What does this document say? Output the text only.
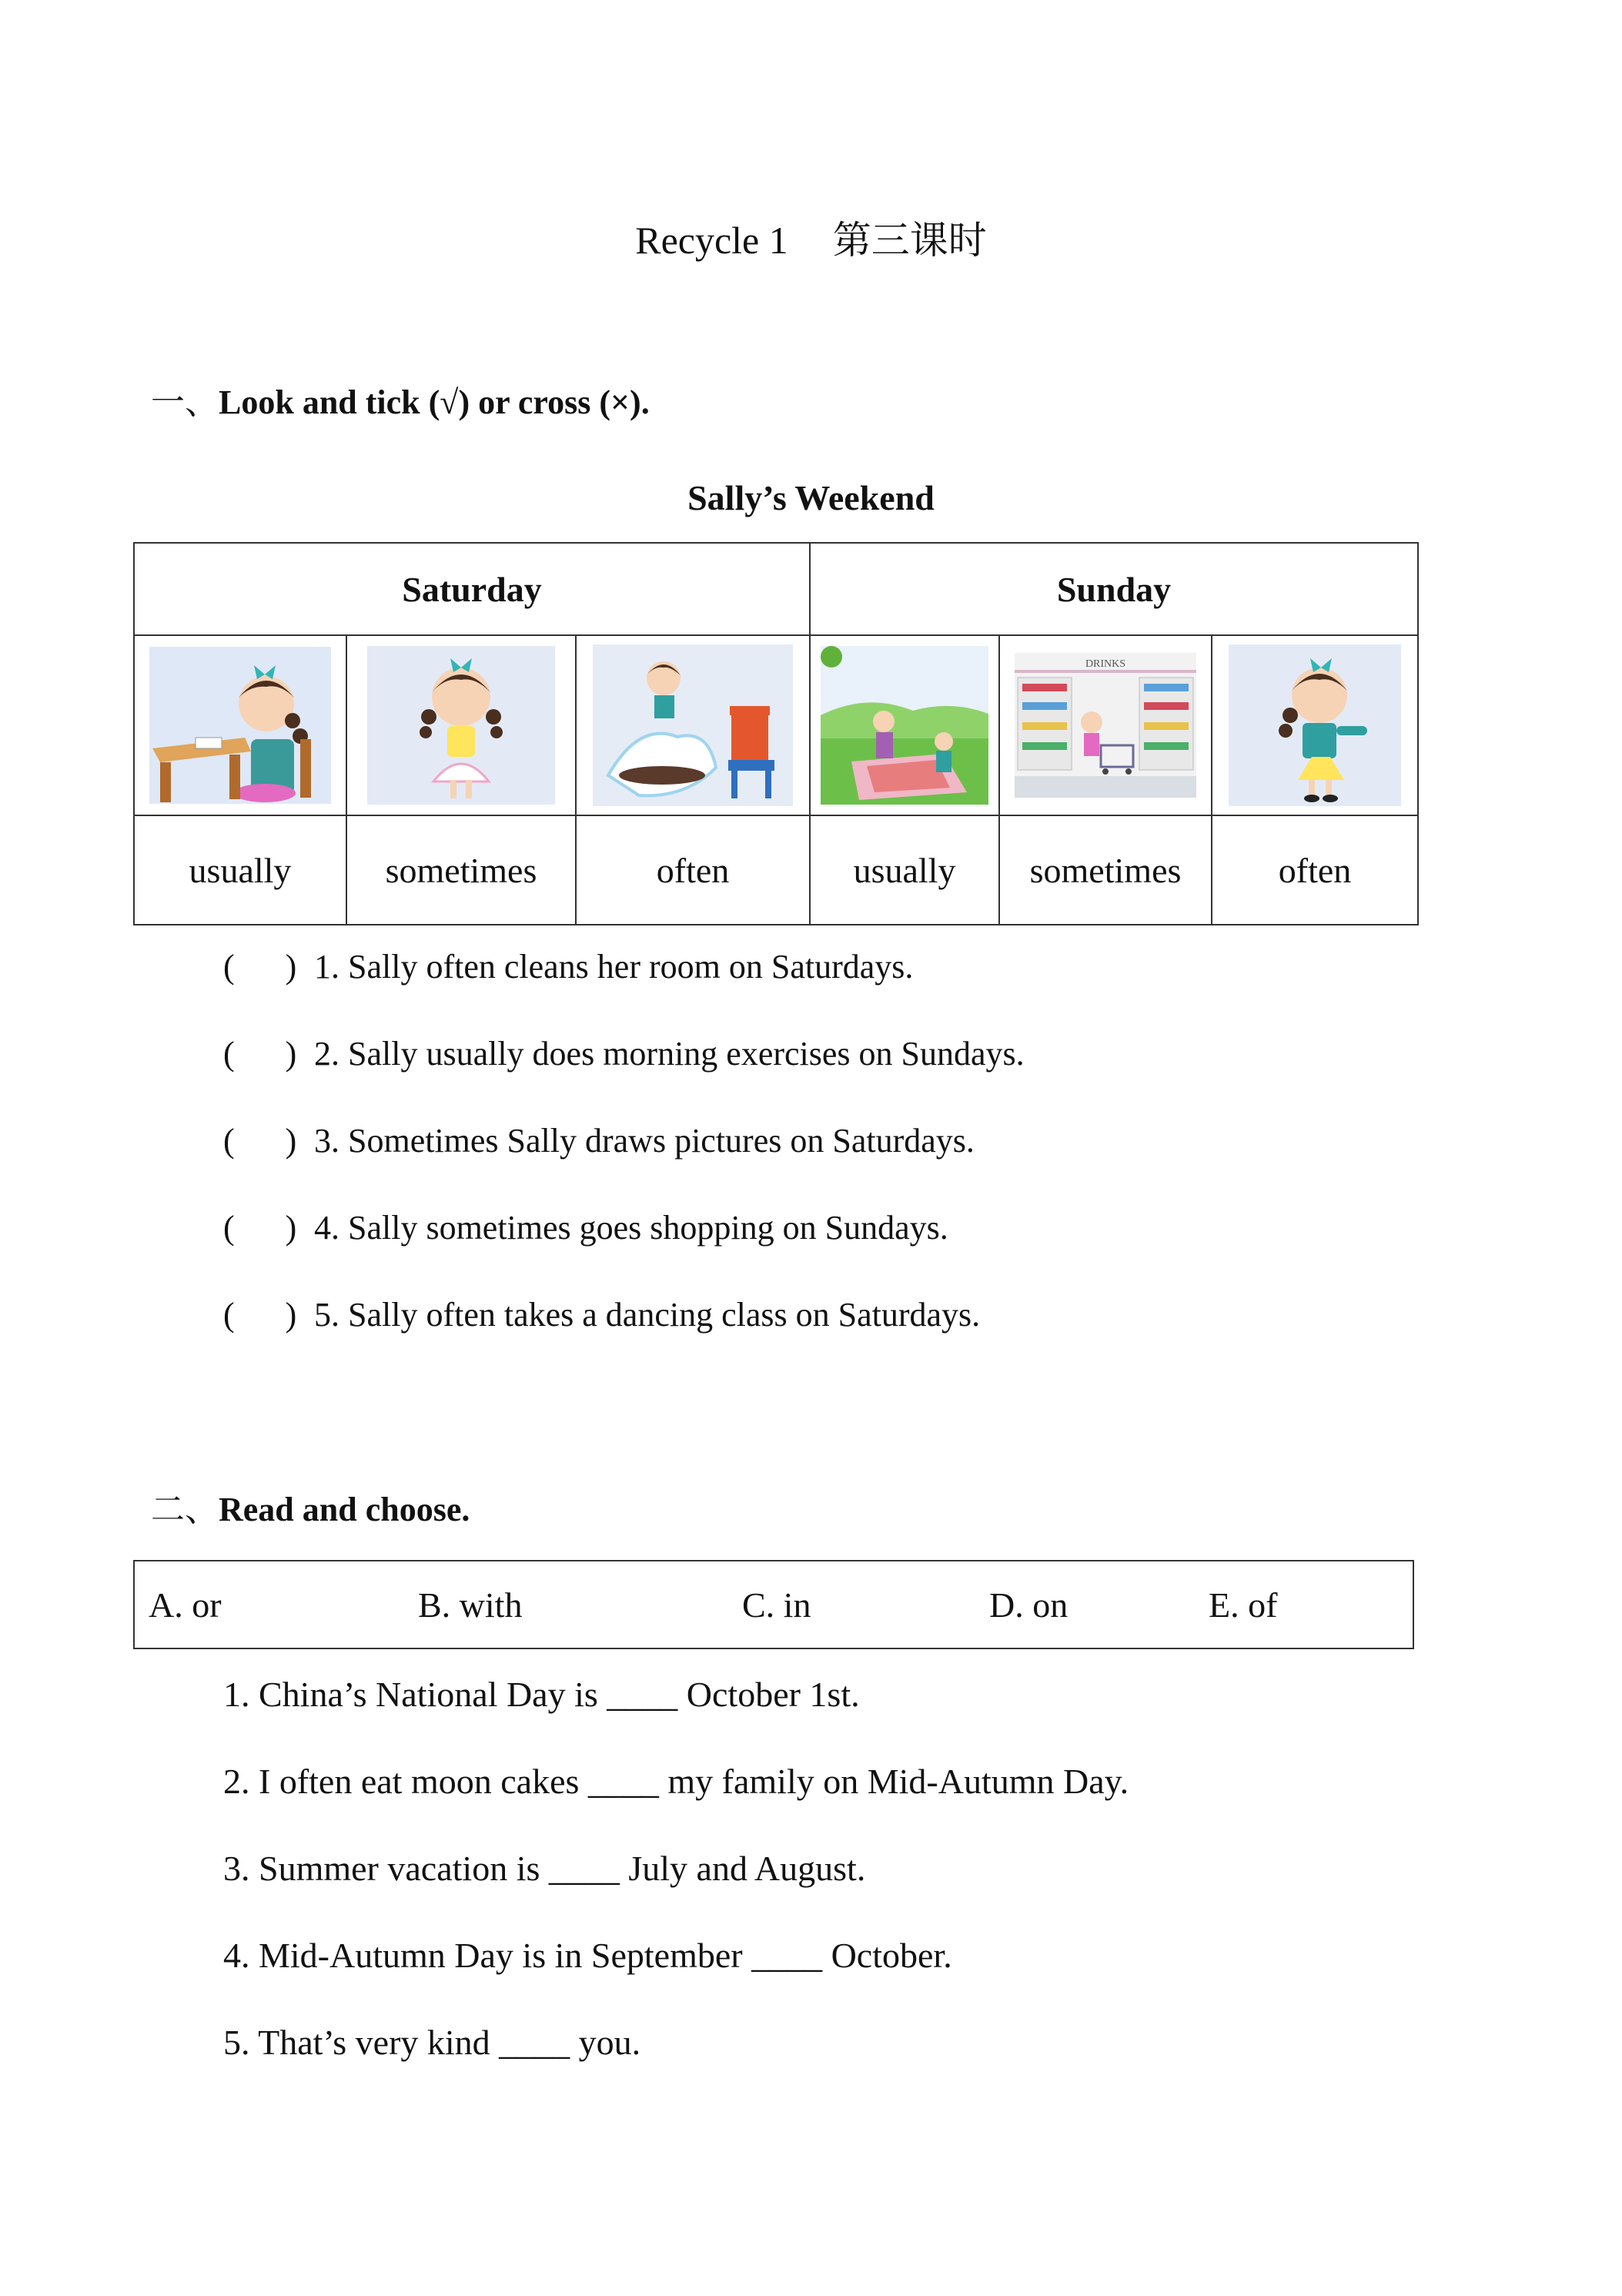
Recycle 1 第三课时
一、Look and tick (√) or cross (×).
Sally’s Weekend
Saturday			Sunday		

DRINKS

usually	sometimes	often	usually	sometimes	often
(      ) 1. Sally often cleans her room on Saturdays.
(      ) 2. Sally usually does morning exercises on Sundays.
(      ) 3. Sometimes Sally draws pictures on Saturdays.
(      ) 4. Sally sometimes goes shopping on Sundays.
(      ) 5. Sally often takes a dancing class on Saturdays.
二、Read and choose.
A. or	B. with	C. in	D. on	E. of
1. China’s National Day is ____ October 1st.
2. I often eat moon cakes ____ my family on Mid-Autumn Day.
3. Summer vacation is ____ July and August.
4. Mid-Autumn Day is in September ____ October.
5. That’s very kind ____ you.
